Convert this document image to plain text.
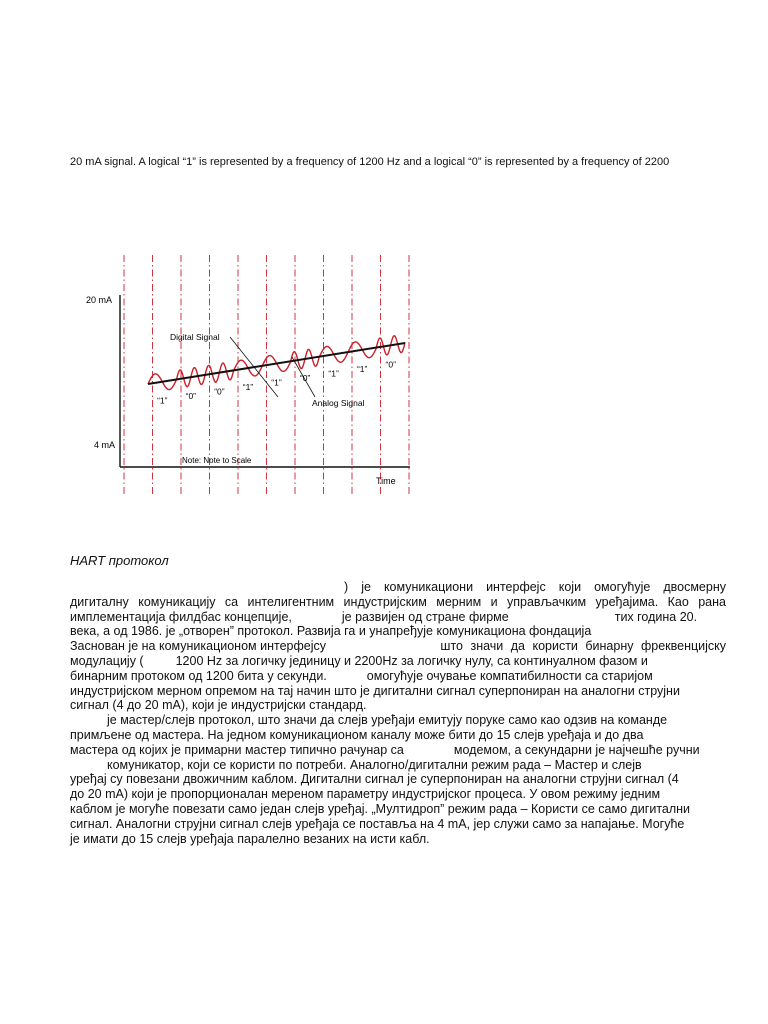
20 mA signal. A logical “1” is represented by a frequency of 1200 Hz and a logical “0” is represented by a frequency of 2200
20 mA
4 mA
Time
Digital Signal
Analog Signal
Note: Note to Scale
“1” “0” “0” “1” “1” “0” “1” “1” “0”
HART протокол
) је комуникациони интерфејс који омогућује двосмерну
дигиталну комуникацију са интелигентним индустријским мерним и управљачким уређајима. Као рана
имплементација филдбас концепције,	је развијен од стране фирме	тих година 20.
века, а од 1986. је „отворен” протокол. Развија га и унапређује комуникациона фондација
Заснован је на комуникационом интерфејсу	што значи да користи бинарну фреквенцијску
модулацију (	1200 Hz за логичку јединицу и 2200Hz за логичку нулу, са континуалном фазом и
бинарним протоком од 1200 бита у секунди.	омогућује очување компатибилности са старијом
индустријском мерном опремом на тај начин што је дигитални сигнал суперпониран на аналогни струјни
сигнал (4 до 20 mA), који је индустријски стандард.
је мастер/слејв протокол, што значи да слејв уређаји емитују поруке само као одзив на команде
примљене од мастера. На једном комуникационом каналу може бити до 15 слејв уређаја и до два
мастера од којих је примарни мастер типично рачунар са	модемом, а секундарни је најчешће ручни
комуникатор, који се користи по потреби. Аналогно/дигитални режим рада – Мастер и слејв
уређај су повезани двожичним каблом. Дигитални сигнал је суперпониран на аналогни струјни сигнал (4
до 20 mA) који је пропорционалан мереном параметру индустријског процеса. У овом режиму једним
каблом је могуће повезати само један слејв уређај. „Мултидроп” режим рада – Користи се само дигитални
сигнал. Аналогни струјни сигнал слејв уређаја се поставља на 4 mA, јер служи само за напајање. Могуће
је имати до 15 слејв уређаја паралелно везаних на исти кабл.
